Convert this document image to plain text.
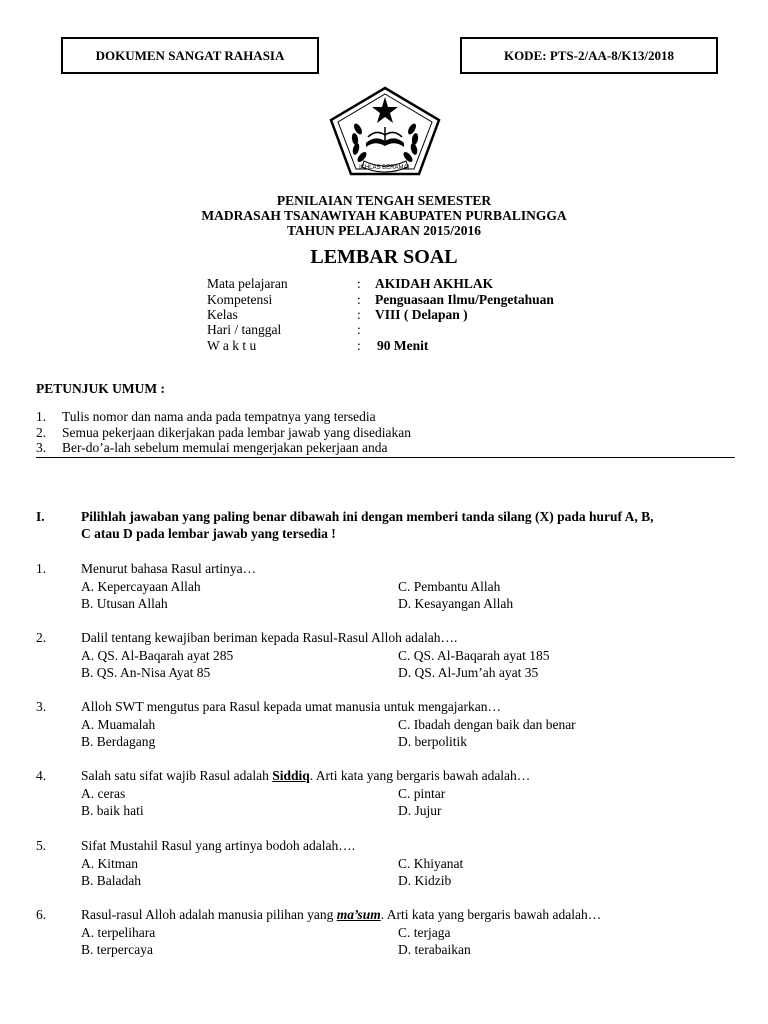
DOKUMEN SANGAT RAHASIA	KODE: PTS-2/AA-8/K13/2018
IKHLAS BERAMAL
PENILAIAN TENGAH SEMESTER
MADRASAH TSANAWIYAH KABUPATEN PURBALINGGA
TAHUN PELAJARAN 2015/2016
LEMBAR SOAL
Mata pelajaran	: AKIDAH AKHLAK
Kompetensi	: Penguasaan Ilmu/Pengetahuan
Kelas	: VIII ( Delapan )
Hari / tanggal	:
W a k t u	: 90 Menit
PETUNJUK UMUM :
1. Tulis nomor dan nama anda pada tempatnya yang tersedia
2. Semua pekerjaan dikerjakan pada lembar jawab yang disediakan
3. Ber-do’a-lah sebelum memulai mengerjakan pekerjaan anda
I.	Pilihlah jawaban yang paling benar dibawah ini dengan memberi tanda silang (X) pada huruf A, B,
C atau D pada lembar jawab yang tersedia !
1.	Menurut bahasa Rasul artinya…
A. Kepercayaan Allah
B. Utusan Allah
C. Pembantu Allah
D. Kesayangan Allah
2.	Dalil tentang kewajiban beriman kepada Rasul-Rasul Alloh adalah….
A. QS. Al-Baqarah ayat 285
B. QS. An-Nisa Ayat 85
C. QS. Al-Baqarah ayat 185
D. QS. Al-Jum’ah ayat 35
3.	Alloh SWT mengutus para Rasul kepada umat manusia untuk mengajarkan…
A. Muamalah
B. Berdagang
C. Ibadah dengan baik dan benar
D. berpolitik
4.	Salah satu sifat wajib Rasul adalah Siddiq. Arti kata yang bergaris bawah adalah…
A. ceras
B. baik hati
C. pintar
D. Jujur
5.	Sifat Mustahil Rasul yang artinya bodoh adalah….
A. Kitman
B. Baladah
C. Khiyanat
D. Kidzib
6.	Rasul-rasul Alloh adalah manusia pilihan yang ma’sum. Arti kata yang bergaris bawah adalah…
A. terpelihara
B. terpercaya
C. terjaga
D. terabaikan
